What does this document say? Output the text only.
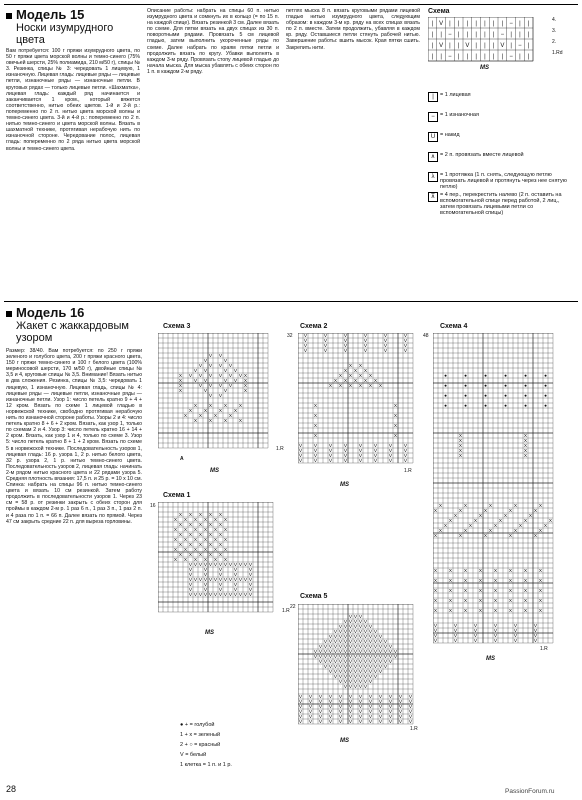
Модель 15
Носки изумрудного цвета
Вам потребуется: 100 г пряжи изумрудного цвета, по 50 г пряжи цвета морской волны и темно-синего (75% овечьей шерсти, 25% полиамида, 210 м/50 г), спицы № 3. Резинка, спицы № 3: чередовать 1 лицевую, 1 изнаночную. Лицевая гладь: лицевые ряды — лицевые петли, изнаночные ряды — изнаночные петли. В круговых рядах — только лицевые петли. «Шахматка», лицевая гладь: каждый ряд начинается и заканчивается 1 кром., который вяжется соответственно, нитью обеих цветов. 1-й и 2-й р.: попеременно по 2 п. нитью цвета морской волны и темно-синего цвета. 3-й и 4-й р.: попеременно по 2 п. нитью темно-синего и цвета морской волны. Вязать в шахматной технике, протягивая нерабочую нить по изнаночной стороне. Чередование полос, лицевая гладь: попеременно по 2 ряда нитью цвета морской волны и темно-синего цвета.
Описание работы: набрать на спицы 60 п. нитью изумрудного цвета и сомкнуть их в кольцо (= по 15 п. на каждой спице). Вязать резинкой 3 см. Далее вязать по схеме. Для пятки вязать на двух спицах из 30 п. поворотными рядами. Провязать 5 см лицевой гладью, затем выполнить укороченные ряды по схеме. Далее набрать по краям пятки петли и продолжить вязать по кругу. Убавки выполнять в каждом 3-м ряду. Провязать стопу лицевой гладью до начала мыска. Для мыска убавлять с обеих сторон по 1 п. в каждом 2-м ряду.
петлях мыска 8 п. вязать круговыми рядами лицевой гладью нитью изумрудного цвета, следующим образом: в каждом 3-м кр. ряду на всех спицах вязать по 2 п. вместе. Затем продолжить, убавляя в каждом кр. ряду. Оставшиеся петли стянуть рабочей нитью. Завершение работы: вшить мысок. Края пятки сшить. Закрепить нити.
Схема
| V | | | | | | | − | |
| | − | | | | | − | | |
| V | | V | | | V | − |
| | − | | | | | | − | |
4.
3.
2.
1.Rd
MS
|	= 1 лицевая
− = 1 изнаночная
U = накид
∧ = 2 п. провязать вместе лицевой
λ	= 1 протяжка (1 п. снять, следующую петлю провязать лицевой и протянуть через нее снятую петлю)
⊼ = 4 пер., перекрестить налево (2 п. оставить на вспомогательной спице перед работой, 2 лиц., затем провязать лицевыми петли со вспомогательной спицы)
Модель 16
Жакет с жаккардовым узором
Размер: 38/40. Вам потребуется: по 250 г пряжи зеленого и голубого цвета, 200 г пряжи красного цвета, 150 г пряжи темно-синего и 100 г белого цвета (100% мериносовой шерсти, 170 м/50 г), двойные спицы № 3,5 и 4, круговые спицы № 3,5. Внимание! Вязать нитью в два сложения. Резинка, спицы № 3,5: чередовать 1 лицевую, 1 изнаночную. Лицевая гладь, спицы № 4: лицевые ряды — лицевые петли, изнаночные ряды — изнаночные петли. Узор 1: число петель кратно 9 + 4 + 12 кром. Вязать по схеме 1 лицевой гладью в норвежской технике, свободно протягивая нерабочую нить по изнаночной стороне работы. Узоры 2 и 4: число петель кратно 8 + 6 + 2 кром. Вязать, как узор 1, только по схемам 2 и 4. Узор 3: число петель кратно 16 + 14 + 2 кром. Вязать, как узор 1 и 4, только по схеме 3. Узор 5: число петель кратно 8 + 1 + 2 кром. Вязать по схеме 5 в норвежской технике. Последовательность узоров 1, лицевая гладь: 16 р. узора 1, 2 р. нитью белого цвета, 32 р. узора 2, 1 р. нитью темно-синего цвета. Последовательность узоров 2, лицевая гладь: начинать 2-м рядом нитью красного цвета и 22 рядами узора 5. Средняя плотность вязания: 17,5 п. и 25 р. = 10 х 10 см. Спинка: набрать на спицы 96 п. нитью темно-синего цвета и вязать 10 см резинкой. Затем работу продолжить в последовательности узоров 1. Через 23 см = 58 р. от резинки закрыть с обеих сторон для проймы в каждом 2-м р. 1 раз 6 п., 1 раз 3 п., 1 раз 2 п. и 4 раза по 1 п. = 66 п. Далее вязать по прямой. Через 47 см закрыть средние 22 п. для выреза горловины.
Схема 3
V V
V	V
V V V V
V V	V V
X V V V V V V X
X V V	V V X
X	V V V V X
X	V	V	X
V V
X X X X
X X X X
X X X X
X X X X
MS
A
1.R
Схема 2
32 V	V	V	V	V	V
V	V	V	V	V	V
V	V	V	V	V	V
V	V	V	V	V	V
X X
X X X
X X X X
X X X X X
X X X X X X
X	X
X	X
X	X
X	X
V V V V V V V V
V V V V V V V V
V V V V V V V V
V V V V V V V V
1.R
MS
Схема 4
48
●	●	●	●	●	●
●	●	●	●	●	●
●	●	●	●	●	●
●	●	●	●	●	●
X	X
X	X
X	X
X	X
X	X
X	X	X	X	X
X	X	X	X	X
X	X	X	X
X	X	X	X	X
X	X	X	X	X
X	X	X	X	X
X	X	X	X	X
X X X X X X X X
X X X X X X X X
X X X X X X X X
X X X X X X X X
X X X X X X X X
V	V	V	V	V	V
V	V	V	V	V	V
V	V	V	V	V	V
V	V	V	V	V	V
1.R
MS
Схема 1
16
X X X X X
X X X X X X
X X X X X
X X X X X X
X X X X X
X X X X X X
X X X X X
X X X X X X
X X X X X
X X X X X X
V V V V V V V V V V V V V
V V V V V
V V V V V
V V V V V V V V V V V V V
V V V V V
V V V V V
V V V V V V V V V V V V V
MS
1.R
Схема 5
22
V V V
V V V V V
V V V V V V V
V V V V V V V V V
V V V V V V V V V V V
V V V V V V V V V V V V V
V V V V V V V V V V V V V V V
V V V V V V V V V V V V V V V V V
V V V V V V V V V V V V V V V V V
V V V V V V V V V V V V V V V
V V V V V V V V V V V V V
V V V V V V V V V V V
V V V V V V V V V
V V V V V V V
V V V V V
V V V V V V V V V V V V
V V V V V V V V V V V V
V V V V V V V V V V V V
V V V V V V V V V V V V
V V V V V V V V V V V V
V V V V V V V V V V V V
1.R
MS
● + = голубой
1 + x = зеленый
2 + ○ = красный
V = белый
1 клетка = 1 п. и 1 р.
28	PassionForum.ru
